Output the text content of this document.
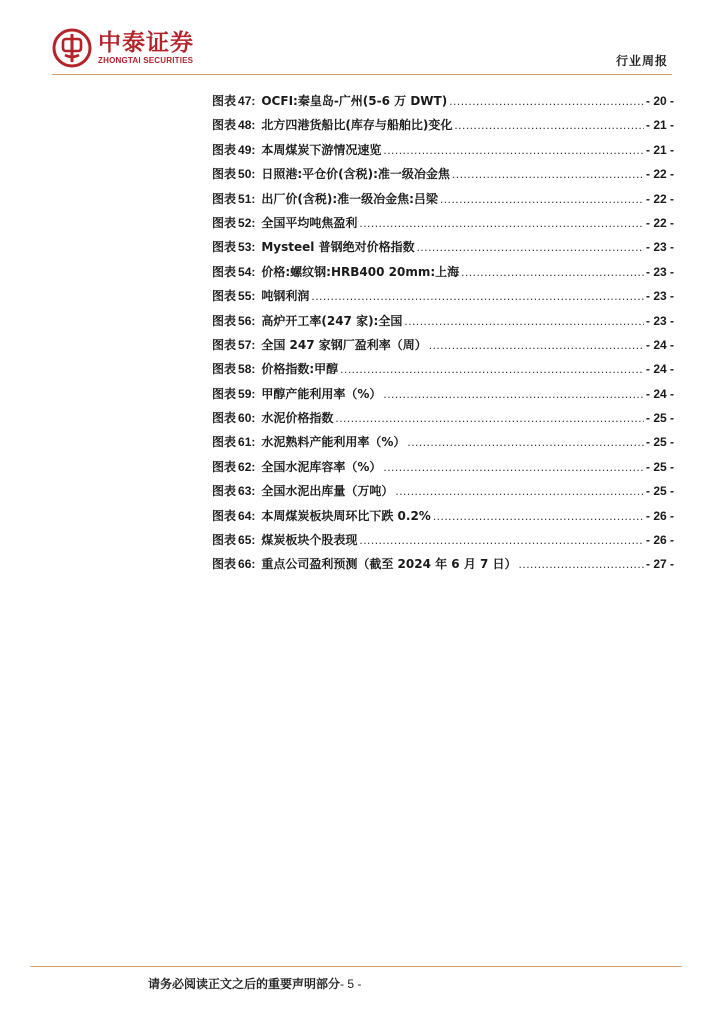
中泰证券
ZHONGTAI SECURITIES	行业周报
图表 47: OCFI:秦皇岛-广州(5-6 万 DWT) .....	- 20 -
图表 48: 北方四港货船比(库存与船舶比)变化 .....	- 21 -
图表 49: 本周煤炭下游情况速览 .....	- 21 -
图表 50: 日照港:平仓价(含税):准一级冶金焦 .....	- 22 -
图表 51: 出厂价(含税):准一级冶金焦:吕梁 .....	- 22 -
图表 52: 全国平均吨焦盈利 .....	- 22 -
图表 53: Mysteel 普钢绝对价格指数 .....	- 23 -
图表 54: 价格:螺纹钢:HRB400 20mm:上海 .....	- 23 -
图表 55: 吨钢利润 .....	- 23 -
图表 56: 高炉开工率(247 家):全国 .....	- 23 -
图表 57: 全国 247 家钢厂盈利率（周） .....	- 24 -
图表 58: 价格指数:甲醇 .....	- 24 -
图表 59: 甲醇产能利用率（%） .....	- 24 -
图表 60: 水泥价格指数 .....	- 25 -
图表 61: 水泥熟料产能利用率（%） .....	- 25 -
图表 62: 全国水泥库容率（%） .....	- 25 -
图表 63: 全国水泥出库量（万吨） .....	- 25 -
图表 64: 本周煤炭板块周环比下跌 0.2% .....	- 26 -
图表 65: 煤炭板块个股表现 .....	- 26 -
图表 66: 重点公司盈利预测（截至 2024 年 6 月 7 日） .....	- 27 -
请务必阅读正文之后的重要声明部分- 5 -
